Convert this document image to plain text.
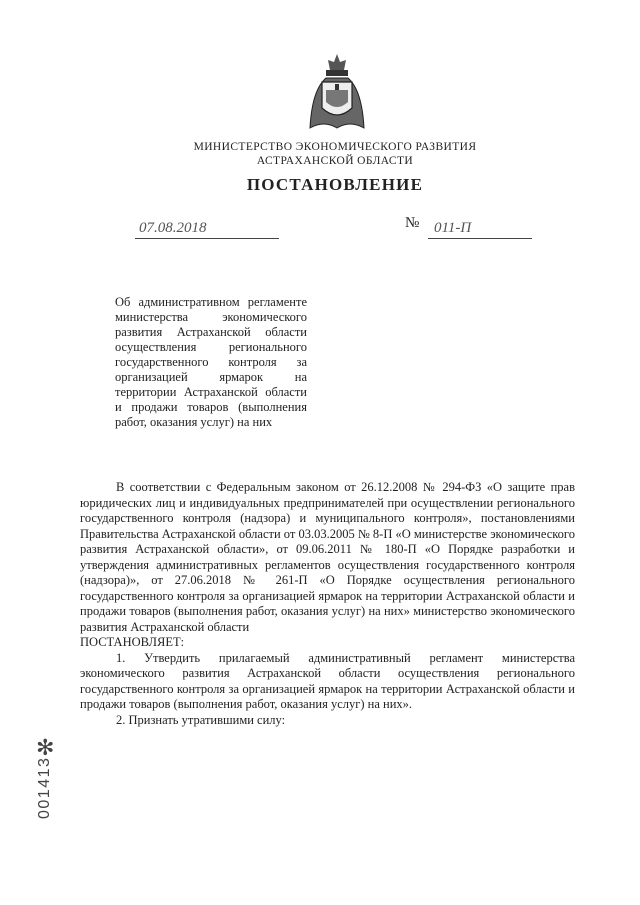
МИНИСТЕРСТВО ЭКОНОМИЧЕСКОГО РАЗВИТИЯ
АСТРАХАНСКОЙ ОБЛАСТИ
ПОСТАНОВЛЕНИЕ
07.08.2018	№ 011-П
Об административном регламенте министерства экономического развития Астраханской области осуществления регионального государственного контроля за организацией ярмарок на территории Астраханской области и продажи товаров (выполнения работ, оказания услуг) на них

В соответствии с Федеральным законом от 26.12.2008 № 294-ФЗ «О защите прав юридических лиц и индивидуальных предпринимателей при осуществлении регионального государственного контроля (надзора) и муниципального контроля», постановлениями Правительства Астраханской области от 03.03.2005 № 8-П «О министерстве экономического развития Астраханской области», от 09.06.2011 № 180-П «О Порядке разработки и утверждения административных регламентов осуществления государственного контроля (надзора)», от 27.06.2018 № 261-П «О Порядке осуществления регионального государственного контроля за организацией ярмарок на территории Астраханской области и продажи товаров (выполнения работ, оказания услуг) на них» министерство экономического развития Астраханской области

ПОСТАНОВЛЯЕТ:

1. Утвердить прилагаемый административный регламент министерства экономического развития Астраханской области осуществления регионального государственного контроля за организацией ярмарок на территории Астраханской области и продажи товаров (выполнения работ, оказания услуг) на них».

2. Признать утратившими силу:

✻
001413
